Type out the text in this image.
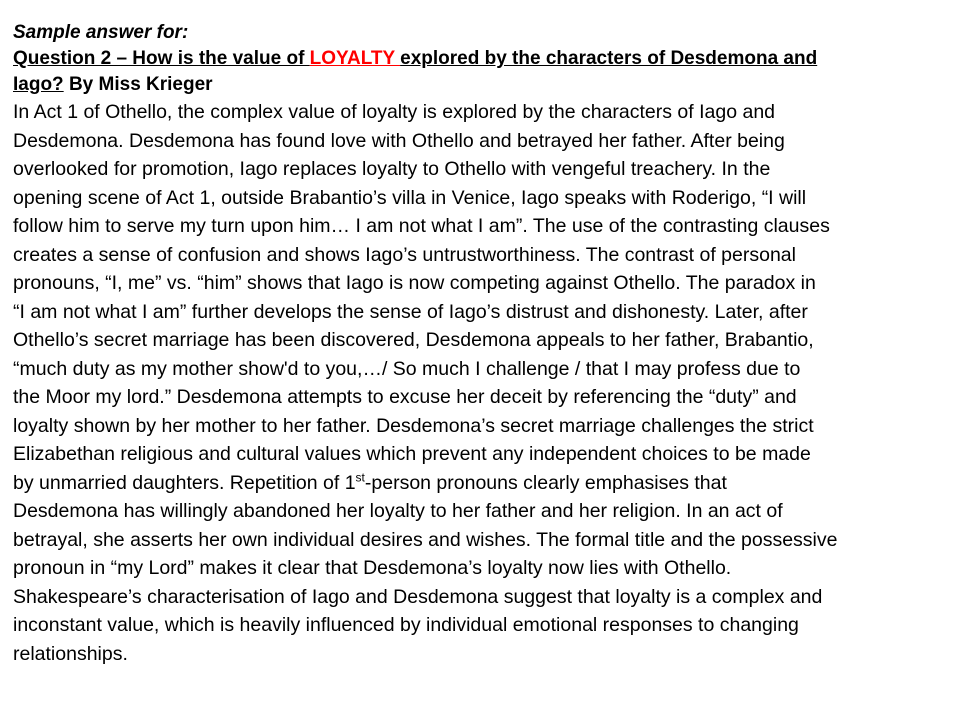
Sample answer for:
Question 2 – How is the value of LOYALTY explored by the characters of Desdemona and
Iago? By Miss Krieger
In Act 1 of Othello, the complex value of loyalty is explored by the characters of Iago and
Desdemona. Desdemona has found love with Othello and betrayed her father. After being
overlooked for promotion, Iago replaces loyalty to Othello with vengeful treachery. In the
opening scene of Act 1, outside Brabantio’s villa in Venice, Iago speaks with Roderigo, “I will
follow him to serve my turn upon him… I am not what I am”. The use of the contrasting clauses
creates a sense of confusion and shows Iago’s untrustworthiness. The contrast of personal
pronouns, “I, me” vs. “him” shows that Iago is now competing against Othello. The paradox in
“I am not what I am” further develops the sense of Iago’s distrust and dishonesty. Later, after
Othello’s secret marriage has been discovered, Desdemona appeals to her father, Brabantio,
“much duty as my mother show'd to you,…/ So much I challenge / that I may profess due to
the Moor my lord.” Desdemona attempts to excuse her deceit by referencing the “duty” and
loyalty shown by her mother to her father. Desdemona’s secret marriage challenges the strict
Elizabethan religious and cultural values which prevent any independent choices to be made
by unmarried daughters. Repetition of 1st-person pronouns clearly emphasises that
Desdemona has willingly abandoned her loyalty to her father and her religion. In an act of
betrayal, she asserts her own individual desires and wishes. The formal title and the possessive
pronoun in “my Lord” makes it clear that Desdemona’s loyalty now lies with Othello.
Shakespeare’s characterisation of Iago and Desdemona suggest that loyalty is a complex and
inconstant value, which is heavily influenced by individual emotional responses to changing
relationships.
